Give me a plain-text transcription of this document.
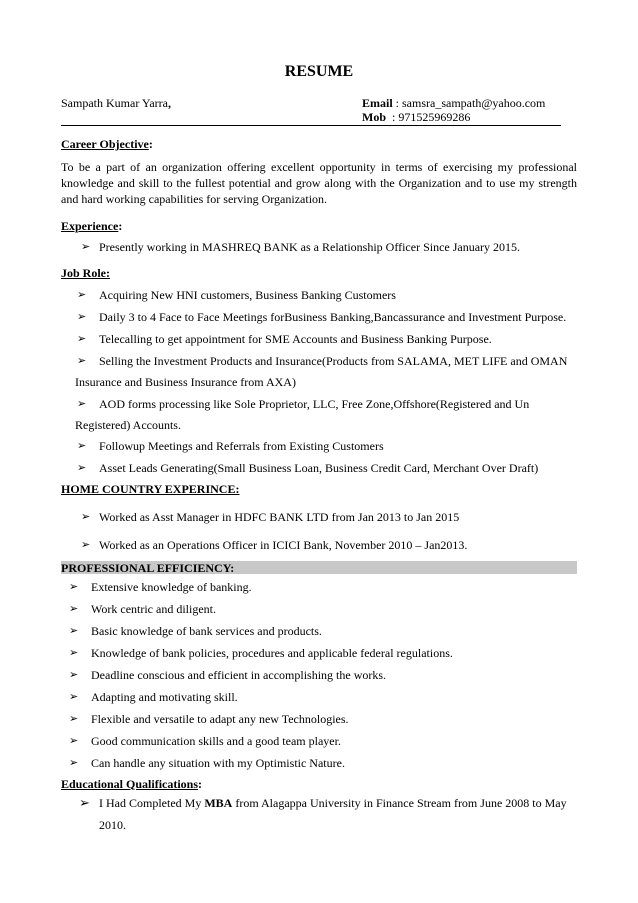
RESUME
Sampath Kumar Yarra,	Email : samsra_sampath@yahoo.com
Mob : 971525969286
Career Objective:
To be a part of an organization offering excellent opportunity in terms of exercising my professional knowledge and skill to the fullest potential and grow along with the Organization and to use my strength and hard working capabilities for serving Organization.
Experience:
➢ Presently working in MASHREQ BANK as a Relationship Officer Since January 2015.
Job Role:
➢ Acquiring New HNI customers, Business Banking Customers
➢ Daily 3 to 4 Face to Face Meetings forBusiness Banking,Bancassurance and Investment Purpose.
➢ Telecalling to get appointment for SME Accounts and Business Banking Purpose.
➢ Selling the Investment Products and Insurance(Products from SALAMA, MET LIFE and OMAN
Insurance and Business Insurance from AXA)
➢ AOD forms processing like Sole Proprietor, LLC, Free Zone,Offshore(Registered and Un
Registered) Accounts.
➢ Followup Meetings and Referrals from Existing Customers
➢ Asset Leads Generating(Small Business Loan, Business Credit Card, Merchant Over Draft)
HOME COUNTRY EXPERINCE:
➢ Worked as Asst Manager in HDFC BANK LTD from Jan 2013 to Jan 2015
➢ Worked as an Operations Officer in ICICI Bank, November 2010 – Jan2013.
PROFESSIONAL EFFICIENCY:
➢ Extensive knowledge of banking.
➢ Work centric and diligent.
➢ Basic knowledge of bank services and products.
➢ Knowledge of bank policies, procedures and applicable federal regulations.
➢ Deadline conscious and efficient in accomplishing the works.
➢ Adapting and motivating skill.
➢ Flexible and versatile to adapt any new Technologies.
➢ Good communication skills and a good team player.
➢ Can handle any situation with my Optimistic Nature.
Educational Qualifications:
➢ I Had Completed My MBA from Alagappa University in Finance Stream from June 2008 to May
2010.
